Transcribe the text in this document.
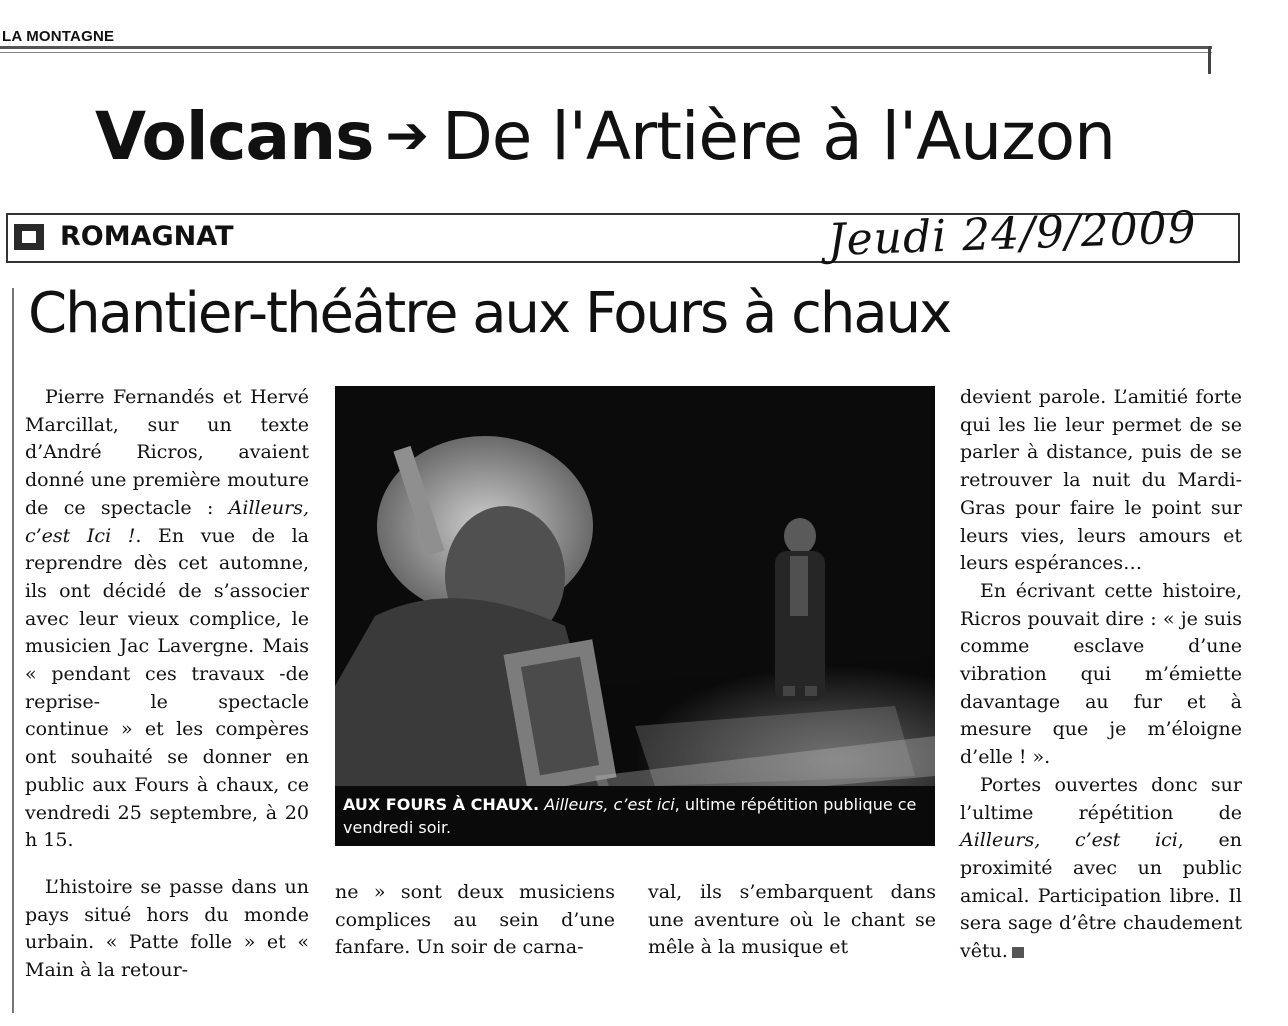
LA MONTAGNE
Volcans ➔ De l'Artière à l'Auzon
ROMAGNAT	Jeudi 24/9/2009
Chantier-théâtre aux Fours à chaux

Pierre Fernandés et Hervé Marcillat, sur un texte d’André Ricros, avaient donné une première mouture de ce spectacle : Ailleurs, c’est Ici !. En vue de la reprendre dès cet automne, ils ont décidé de s’associer avec leur vieux complice, le musicien Jac Lavergne. Mais « pendant ces travaux -de reprise- le spectacle continue » et les compères ont souhaité se donner en public aux Fours à chaux, ce vendredi 25 septembre, à 20 h 15.

L’histoire se passe dans un pays situé hors du monde urbain. « Patte folle » et « Main à la retour-

AUX FOURS À CHAUX. Ailleurs, c’est ici, ultime répétition publique ce vendredi soir.

ne » sont deux musiciens complices au sein d’une fanfare. Un soir de carna-

val, ils s’embarquent dans une aventure où le chant se mêle à la musique et

devient parole. L’amitié forte qui les lie leur permet de se parler à distance, puis de se retrouver la nuit du Mardi-Gras pour faire le point sur leurs vies, leurs amours et leurs espérances…

En écrivant cette histoire, Ricros pouvait dire : « je suis comme esclave d’une vibration qui m’émiette davantage au fur et à mesure que je m’éloigne d’elle ! ».

Portes ouvertes donc sur l’ultime répétition de Ailleurs, c’est ici, en proximité avec un public amical. Participation libre. Il sera sage d’être chaudement vêtu.
